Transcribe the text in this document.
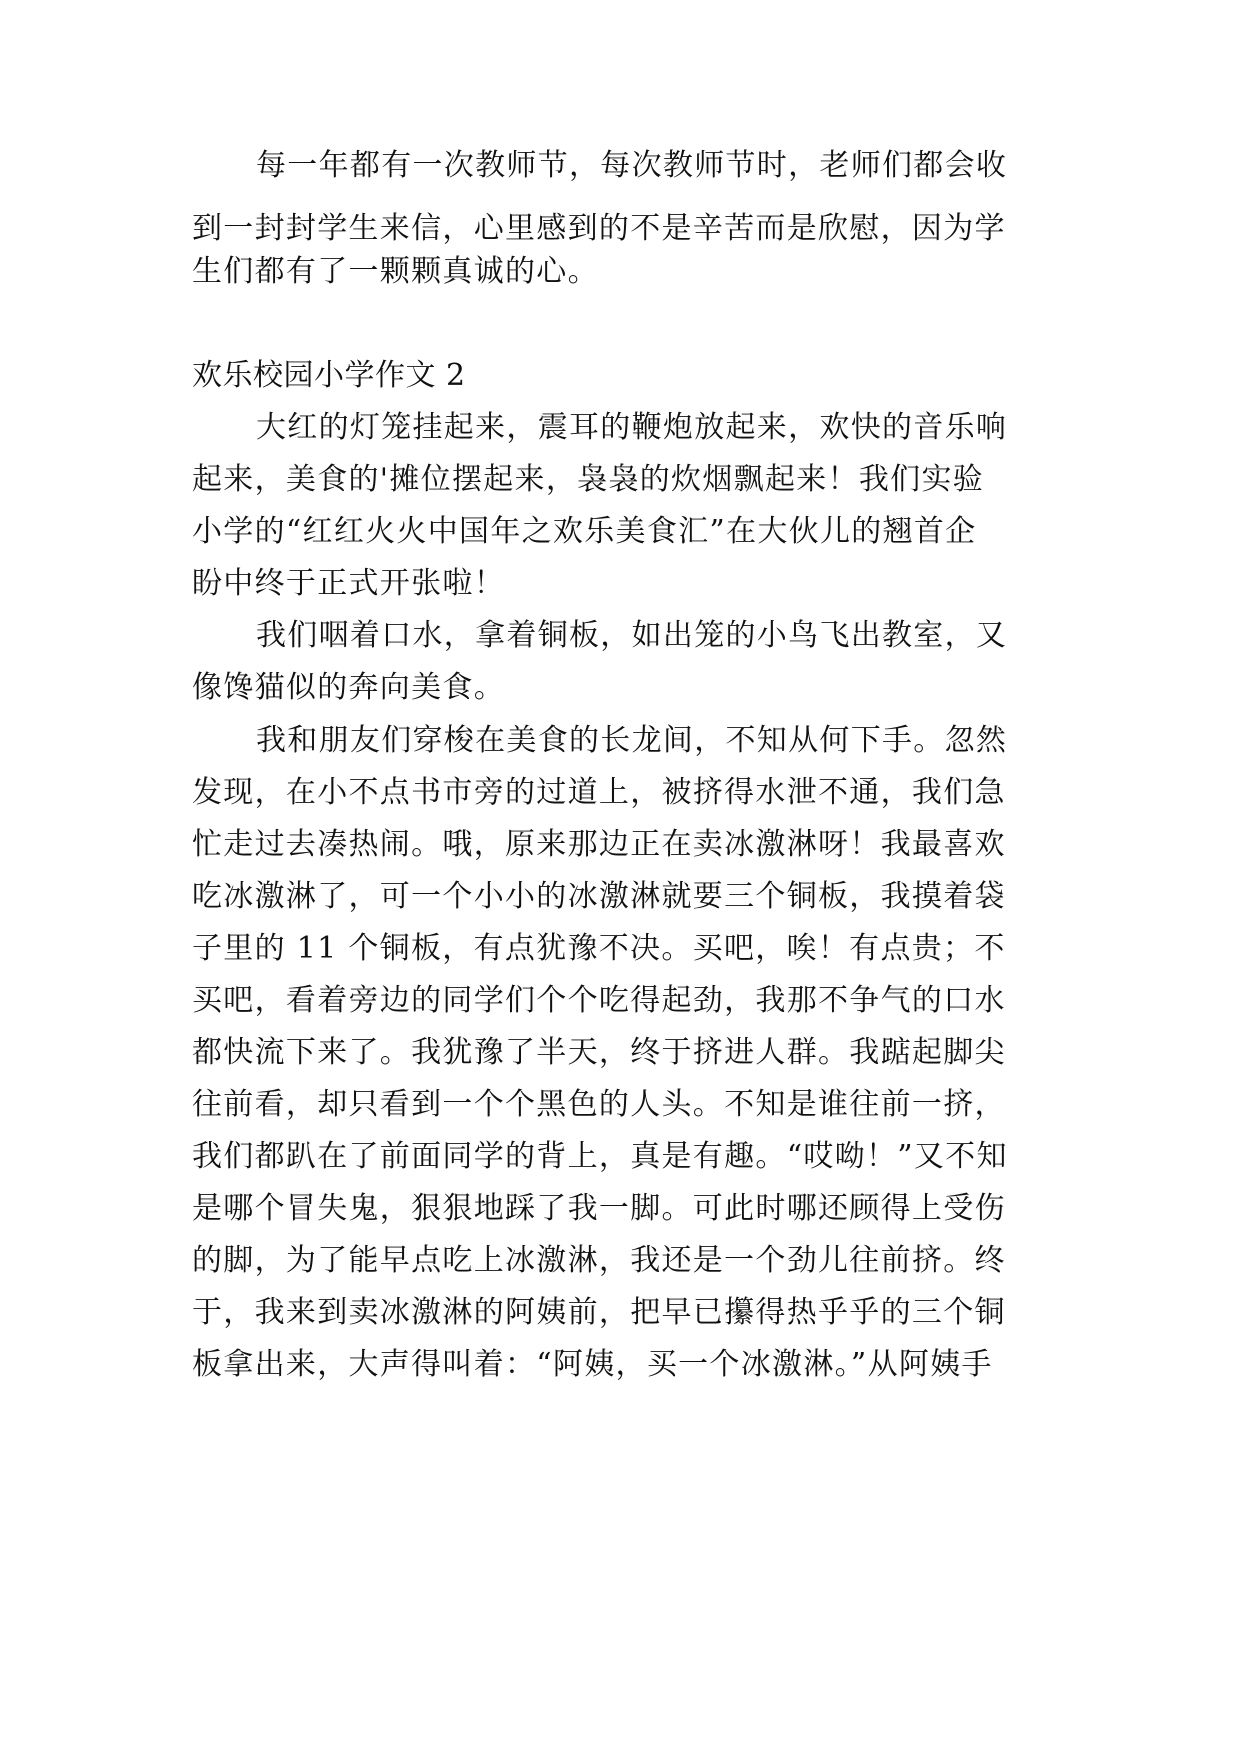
每一年都有一次教师节，每次教师节时，老师们都会收
到一封封学生来信，心里感到的不是辛苦而是欣慰，因为学
生们都有了一颗颗真诚的心。
欢乐校园小学作文 2
大红的灯笼挂起来，震耳的鞭炮放起来，欢快的音乐响
起来，美食的'摊位摆起来，袅袅的炊烟飘起来！我们实验
小学的“红红火火中国年之欢乐美食汇”在大伙儿的翘首企
盼中终于正式开张啦！
我们咽着口水，拿着铜板，如出笼的小鸟飞出教室，又
像馋猫似的奔向美食。
我和朋友们穿梭在美食的长龙间，不知从何下手。忽然
发现，在小不点书市旁的过道上，被挤得水泄不通，我们急
忙走过去凑热闹。哦，原来那边正在卖冰激淋呀！我最喜欢
吃冰激淋了，可一个小小的冰激淋就要三个铜板，我摸着袋
子里的 11 个铜板，有点犹豫不决。买吧，唉！有点贵；不
买吧，看着旁边的同学们个个吃得起劲，我那不争气的口水
都快流下来了。我犹豫了半天，终于挤进人群。我踮起脚尖
往前看，却只看到一个个黑色的人头。不知是谁往前一挤，
我们都趴在了前面同学的背上，真是有趣。“哎呦！”又不知
是哪个冒失鬼，狠狠地踩了我一脚。可此时哪还顾得上受伤
的脚，为了能早点吃上冰激淋，我还是一个劲儿往前挤。终
于，我来到卖冰激淋的阿姨前，把早已攥得热乎乎的三个铜
板拿出来，大声得叫着：“阿姨，买一个冰激淋。”从阿姨手
